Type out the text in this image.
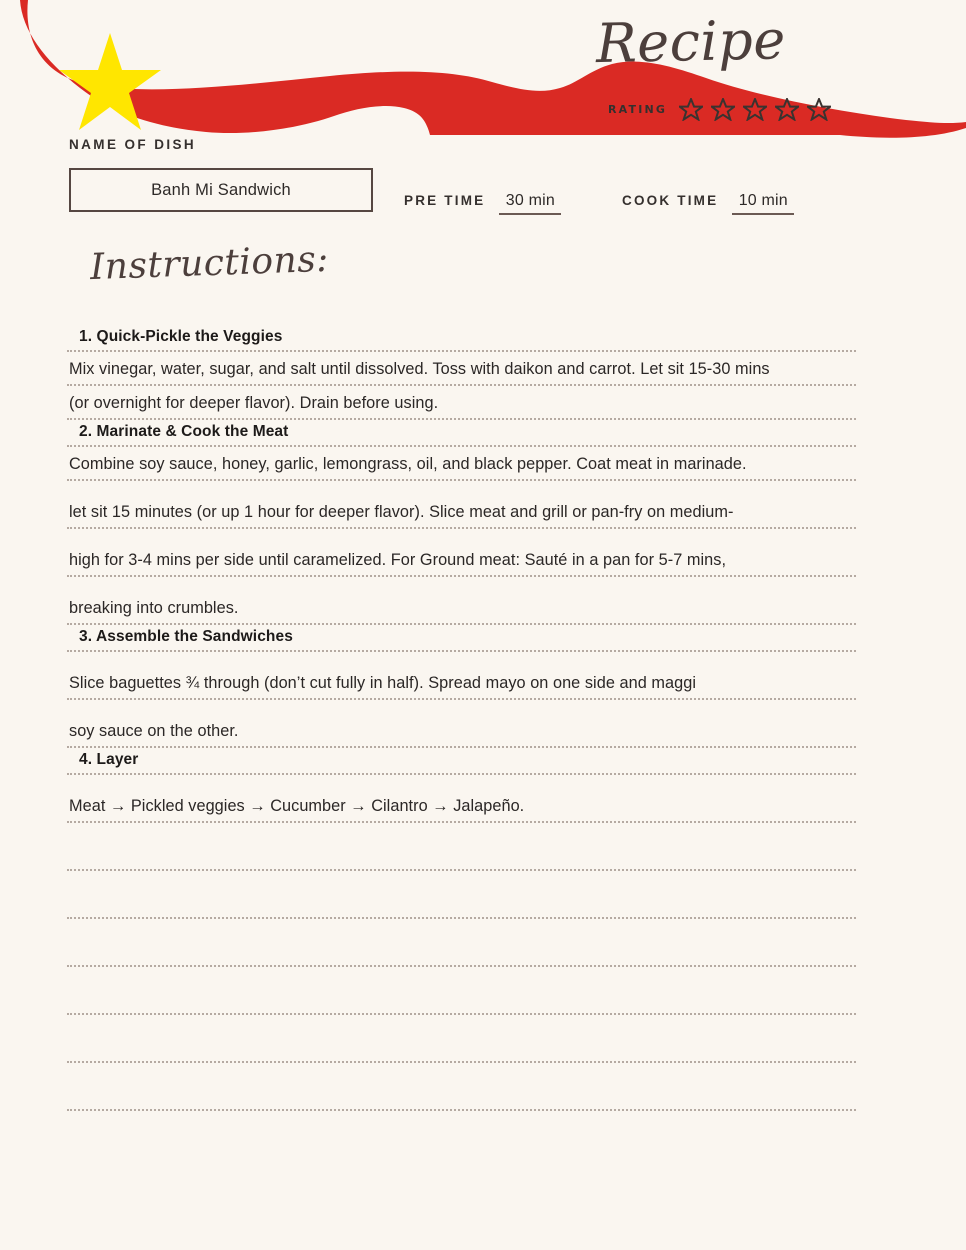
Recipe
RATING
NAME OF DISH
Banh Mi Sandwich
PRE TIME	30 min	COOK TIME	10 min
Instructions:
1. Quick-Pickle the Veggies
Mix vinegar, water, sugar, and salt until dissolved. Toss with daikon and carrot. Let sit 15-30 mins
(or overnight for deeper flavor). Drain before using.
2. Marinate & Cook the Meat
Combine soy sauce, honey, garlic, lemongrass, oil, and black pepper. Coat meat in marinade.
let sit 15 minutes (or up 1 hour for deeper flavor). Slice meat and grill or pan-fry on medium-
high for 3-4 mins per side until caramelized. For Ground meat: Sauté in a pan for 5-7 mins,
breaking into crumbles.
3. Assemble the Sandwiches
Slice baguettes ¾ through (don’t cut fully in half). Spread mayo on one side and maggi
soy sauce on the other.
4. Layer
Meat → Pickled veggies → Cucumber → Cilantro → Jalapeño.
